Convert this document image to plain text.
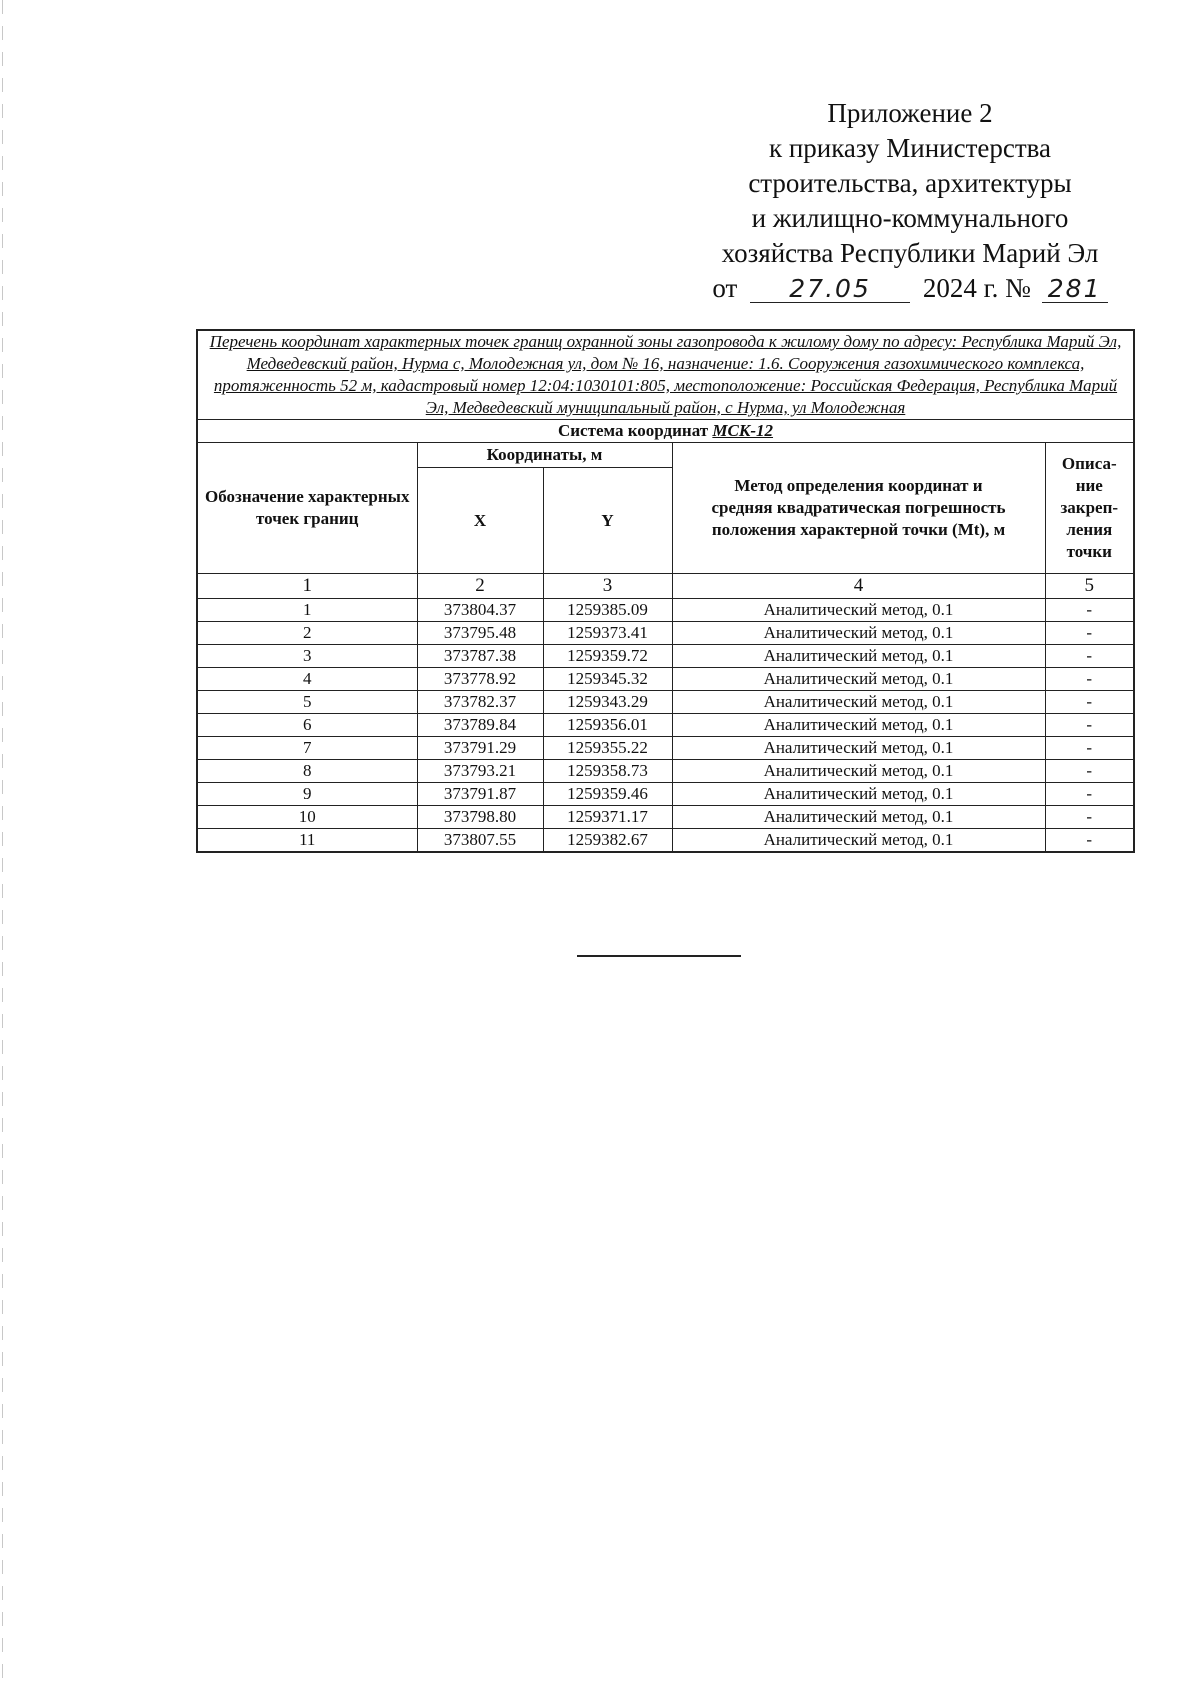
Приложение 2
к приказу Министерства
строительства, архитектуры
и жилищно-коммунального
хозяйства Республики Марий Эл
от 27.05 2024 г. № 281
Перечень координат характерных точек границ охранной зоны газопровода к жилому дому по адресу: Республика Марий Эл, Медведевский район, Нурма с, Молодежная ул, дом № 16, назначение: 1.6. Сооружения газохимического комплекса, протяженность 52 м, кадастровый номер 12:04:1030101:805, местоположение: Российская Федерация, Республика Марий Эл, Медведевский муниципальный район, с Нурма, ул Молодежная				
Система координат МСК-12				
Обозначение характерных точек границ	Координаты, м		Метод определения координат и средняя квадратическая погрешность положения характерной точки (Mt), м	Описа-ние закреп-ления точки
	X	Y		
1	2	3	4	5
1	373804.37	1259385.09	Аналитический метод, 0.1	-
2	373795.48	1259373.41	Аналитический метод, 0.1	-
3	373787.38	1259359.72	Аналитический метод, 0.1	-
4	373778.92	1259345.32	Аналитический метод, 0.1	-
5	373782.37	1259343.29	Аналитический метод, 0.1	-
6	373789.84	1259356.01	Аналитический метод, 0.1	-
7	373791.29	1259355.22	Аналитический метод, 0.1	-
8	373793.21	1259358.73	Аналитический метод, 0.1	-
9	373791.87	1259359.46	Аналитический метод, 0.1	-
10	373798.80	1259371.17	Аналитический метод, 0.1	-
11	373807.55	1259382.67	Аналитический метод, 0.1	-
